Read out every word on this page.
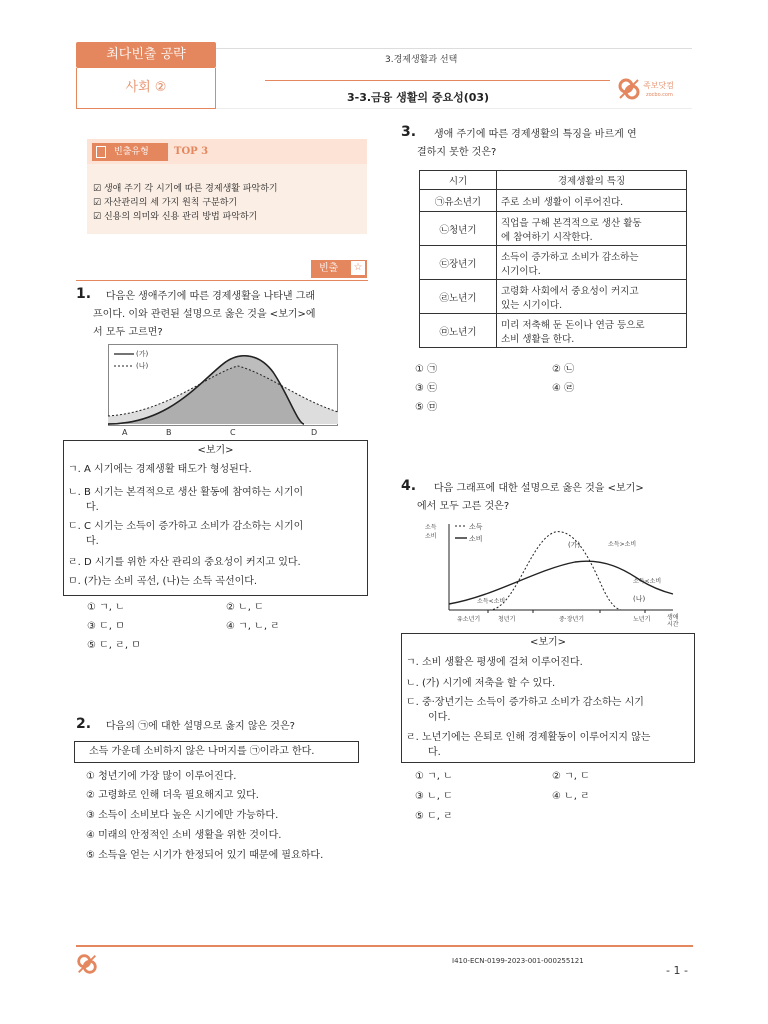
최다빈출 공략
사회 ②
3.경제생활과 선택
3-3.금융 생활의 중요성(03)
족보닷컴
zocbo.com
빈출유형	TOP 3
☑ 생애 주기 각 시기에 따른 경제생활 파악하기
☑ 자산관리의 세 가지 원칙 구분하기
☑ 신용의 의미와 신용 관리 방법 파악하기
빈출 ☆
1. 다음은 생애주기에 따른 경제생활을 나타낸 그래
프이다. 이와 관련된 설명으로 옳은 것을 <보기>에
서 모두 고르면?
(가)
(나)
A	B	C	D
<보기>
ㄱ. A 시기에는 경제생활 태도가 형성된다.
ㄴ. B 시기는 본격적으로 생산 활동에 참여하는 시기이
다.
ㄷ. C 시기는 소득이 증가하고 소비가 감소하는 시기이
다.
ㄹ. D 시기를 위한 자산 관리의 중요성이 커지고 있다.
ㅁ. (가)는 소비 곡선, (나)는 소득 곡선이다.
① ㄱ, ㄴ	② ㄴ, ㄷ
③ ㄷ, ㅁ	④ ㄱ, ㄴ, ㄹ
⑤ ㄷ, ㄹ, ㅁ
2. 다음의 ㉠에 대한 설명으로 옳지 않은 것은?
소득 가운데 소비하지 않은 나머지를 ㉠이라고 한다.
① 청년기에 가장 많이 이루어진다.
② 고령화로 인해 더욱 필요해지고 있다.
③ 소득이 소비보다 높은 시기에만 가능하다.
④ 미래의 안정적인 소비 생활을 위한 것이다.
⑤ 소득을 얻는 시기가 한정되어 있기 때문에 필요하다.
3. 생애 주기에 따른 경제생활의 특징을 바르게 연
결하지 못한 것은?
시기	경제생활의 특징
㉠유소년기	주로 소비 생활이 이루어진다.
㉡청년기	직업을 구해 본격적으로 생산 활동
에 참여하기 시작한다.
㉢장년기	소득이 증가하고 소비가 감소하는
시기이다.
㉣노년기	고령화 사회에서 중요성이 커지고
있는 시기이다.
㉤노년기	미리 저축해 둔 돈이나 연금 등으로
소비 생활을 한다.
① ㉠	② ㉡
③ ㉢	④ ㉣
⑤ ㉤
4. 다음 그래프에 대한 설명으로 옳은 것을 <보기>
에서 모두 고른 것은?
소득
소비
소득
소비
(가)
(나)
소득>소비
소득<소비
소득<소비
유소년기	청년기	중·장년기	노년기	생애
시간
<보기>
ㄱ. 소비 생활은 평생에 걸쳐 이루어진다.
ㄴ. (가) 시기에 저축을 할 수 있다.
ㄷ. 중·장년기는 소득이 증가하고 소비가 감소하는 시기
이다.
ㄹ. 노년기에는 은퇴로 인해 경제활동이 이루어지지 않는
다.
① ㄱ, ㄴ	② ㄱ, ㄷ
③ ㄴ, ㄷ	④ ㄴ, ㄹ
⑤ ㄷ, ㄹ
I410-ECN-0199-2023-001-000255121
- 1 -
